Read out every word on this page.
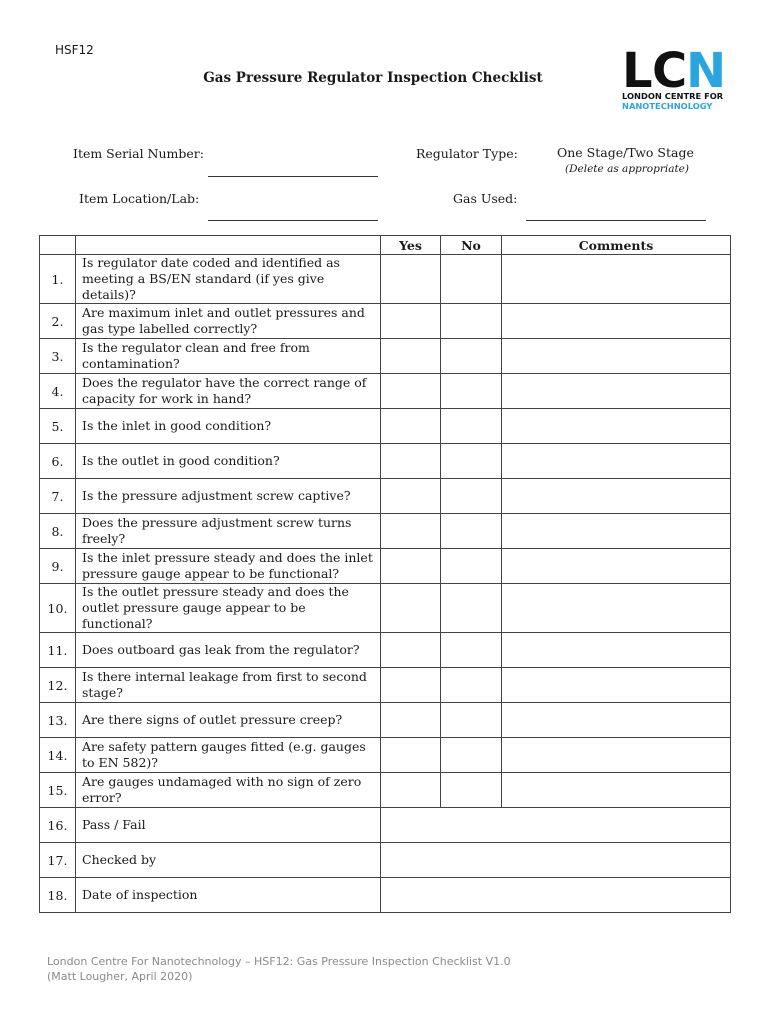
HSF12
Gas Pressure Regulator Inspection Checklist	L C
N
LONDON CENTRE FOR
NANOTECHNOLOGY
Item Serial Number:	Regulator Type:	One Stage/Two Stage
(Delete as appropriate)
Item Location/Lab:	Gas Used:
		Yes	No	Comments
1.	Is regulator date coded and identified as meeting a BS/EN standard (if yes give details)?			
2.	Are maximum inlet and outlet pressures and gas type labelled correctly?			
3.	Is the regulator clean and free from contamination?			
4.	Does the regulator have the correct range of capacity for work in hand?			
5.	Is the inlet in good condition?			
6.	Is the outlet in good condition?			
7.	Is the pressure adjustment screw captive?			
8.	Does the pressure adjustment screw turns freely?			
9.	Is the inlet pressure steady and does the inlet pressure gauge appear to be functional?			
10.	Is the outlet pressure steady and does the outlet pressure gauge appear to be functional?			
11.	Does outboard gas leak from the regulator?			
12.	Is there internal leakage from first to second stage?			
13.	Are there signs of outlet pressure creep?			
14.	Are safety pattern gauges fitted (e.g. gauges to EN 582)?			
15.	Are gauges undamaged with no sign of zero error?			
16.	Pass / Fail			
17.	Checked by			
18.	Date of inspection			
London Centre For Nanotechnology – HSF12: Gas Pressure Inspection Checklist V1.0
(Matt Lougher, April 2020)
